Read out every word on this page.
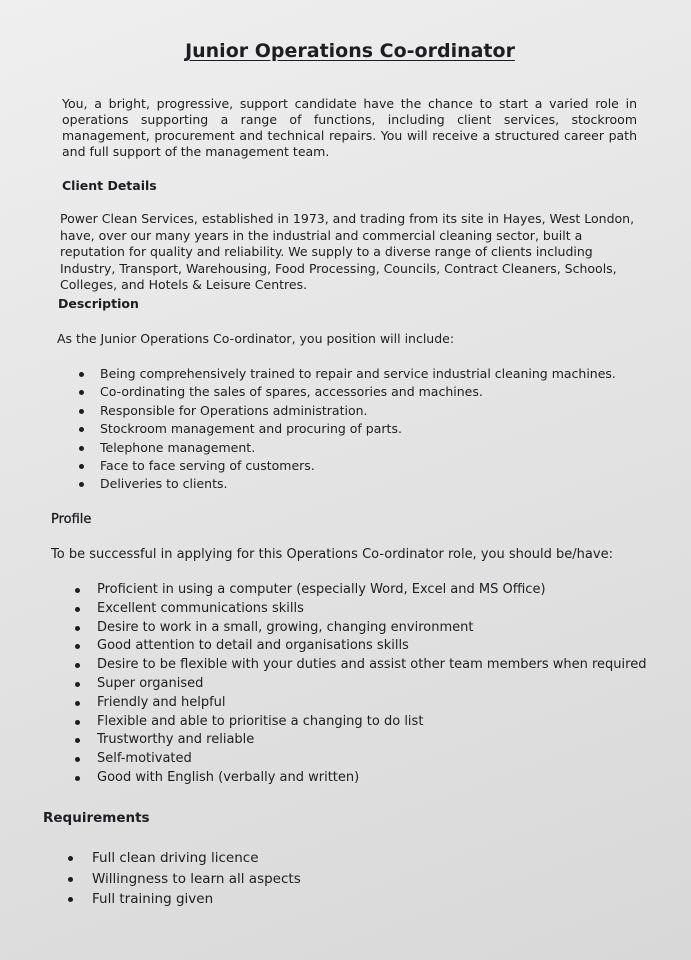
Junior Operations Co-ordinator
You, a bright, progressive, support candidate have the chance to start a varied role in operations supporting a range of functions, including client services, stockroom management, procurement and technical repairs. You will receive a structured career path and full support of the management team.
Client Details
Power Clean Services, established in 1973, and trading from its site in Hayes, West London, have, over our many years in the industrial and commercial cleaning sector, built a reputation for quality and reliability. We supply to a diverse range of clients including Industry, Transport, Warehousing, Food Processing, Councils, Contract Cleaners, Schools, Colleges, and Hotels & Leisure Centres.
Description
As the Junior Operations Co-ordinator, you position will include:
Being comprehensively trained to repair and service industrial cleaning machines.
Co-ordinating the sales of spares, accessories and machines.
Responsible for Operations administration.
Stockroom management and procuring of parts.
Telephone management.
Face to face serving of customers.
Deliveries to clients.
Profile
To be successful in applying for this Operations Co-ordinator role, you should be/have:
Proficient in using a computer (especially Word, Excel and MS Office)
Excellent communications skills
Desire to work in a small, growing, changing environment
Good attention to detail and organisations skills
Desire to be flexible with your duties and assist other team members when required
Super organised
Friendly and helpful
Flexible and able to prioritise a changing to do list
Trustworthy and reliable
Self-motivated
Good with English (verbally and written)
Requirements
Full clean driving licence
Willingness to learn all aspects
Full training given
